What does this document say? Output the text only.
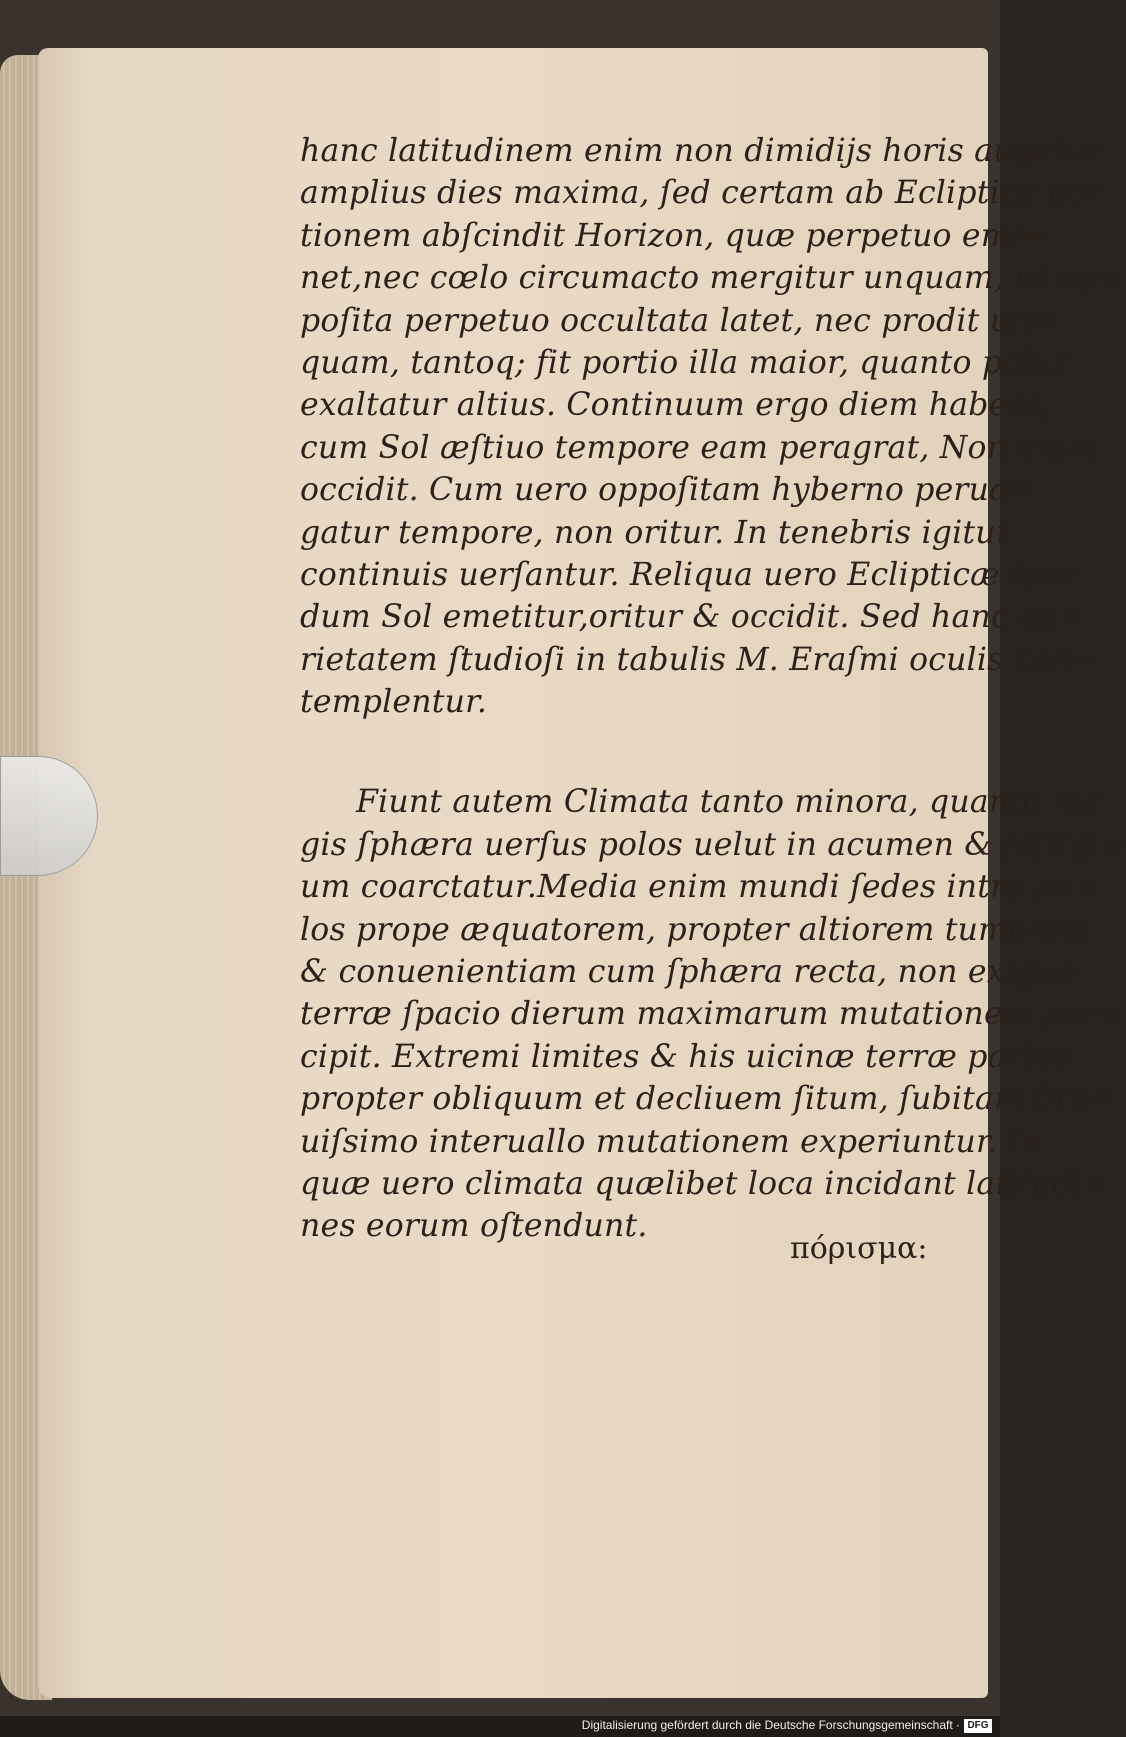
hanc latitudinem enim non dimidijs horis augetur
amplius dies maxima, ſed certam ab Ecliptica por
tionem abſcindit Horizon, quæ perpetuo emi=
net,nec cœlo circumacto mergitur unquam, ut op=
poſita perpetuo occultata latet, nec prodit un=
quam, tantoq; fit portio illa maior, quanto polus
exaltatur altius. Continuum ergo diem habent,
cum Sol æſtiuo tempore eam peragrat, Non enim
occidit. Cum uero oppoſitam hyberno perua=
gatur tempore, non oritur. In tenebris igitur
continuis uerſantur. Reliqua uero Eclipticæ loca
dum Sol emetitur,oritur & occidit. Sed hanc ua=
rietatem ſtudioſi in tabulis M. Eraſmi oculis con=
templentur.
Fiunt autem Climata tanto minora, quanto ma
gis ſphæra uerſus polos uelut in acumen & faſtigi=
um coarctatur.Media enim mundi ſedes intra po=
los prope æquatorem, propter altiorem tumorem
& conuenientiam cum ſphæra recta, non exiguo
terræ ſpacio dierum maximarum mutationem per=
cipit. Extremi limites & his uicinæ terræ partes
propter obliquum et decliuem ſitum, ſubitam bre=
uiſsimo interuallo mutationem experiuntur. In
quæ uero climata quælibet loca incidant latitudi=
nes eorum oſtendunt.
πόρισμα:
Digitalisierung gefördert durch die Deutsche Forschungsgemeinschaft · DFG
